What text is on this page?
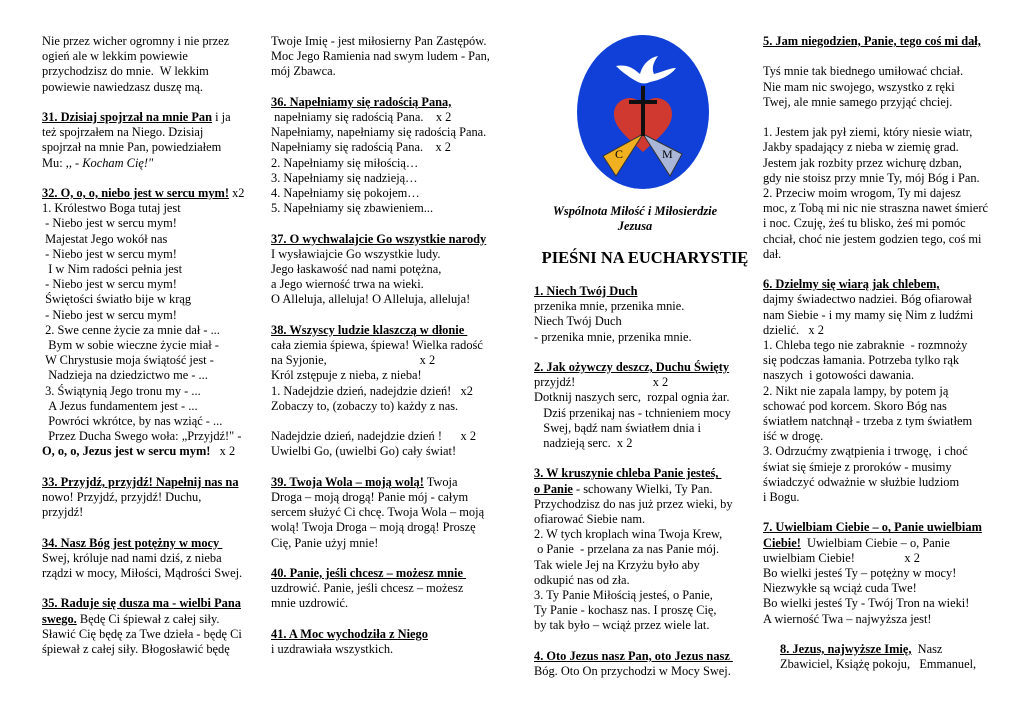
Nie przez wicher ogromny i nie przez

ogień ale w lekkim powiewie

przychodzisz do mnie.  W lekkim

powiewie nawiedzasz duszę mą.

31. Dzisiaj spojrzał na mnie Pan i ja

też spojrzałem na Niego. Dzisiaj

spojrzał na mnie Pan, powiedziałem

Mu: ,, - Kocham Cię!"

32. O, o, o, niebo jest w sercu mym! x2

1. Królestwo Boga tutaj jest

- Niebo jest w sercu mym!

Majestat Jego wokół nas

- Niebo jest w sercu mym!

I w Nim radości pełnia jest

- Niebo jest w sercu mym!

Świętości światło bije w krąg

- Niebo jest w sercu mym!

2. Swe cenne życie za mnie dał - ...

Bym w sobie wieczne życie miał -

W Chrystusie moja świątość jest -

Nadzieja na dziedzictwo me - ...

3. Świątynią Jego tronu my - ...

A Jezus fundamentem jest - ...

Powróci wkrótce, by nas wziąć - ...

Przez Ducha Swego woła: „Przyjdź!" -

O, o, o, Jezus jest w sercu mym!   x 2

33. Przyjdź, przyjdź! Napełnij nas na

nowo! Przyjdź, przyjdź! Duchu,

przyjdź!

34. Nasz Bóg jest potężny w mocy

Swej, króluje nad nami dziś, z nieba

rządzi w mocy, Miłości, Mądrości Swej.

35. Raduje się dusza ma - wielbi Pana

swego. Będę Ci śpiewał z całej siły.

Sławić Cię będę za Twe dzieła - będę Ci

śpiewał z całej siły. Błogosławić będę

Twoje Imię - jest miłosierny Pan Zastępów.

Moc Jego Ramienia nad swym ludem - Pan,

mój Zbawca.

36. Napełniamy się radością Pana,

napełniamy się radością Pana.    x 2

Napełniamy, napełniamy się radością Pana.

Napełniamy się radością Pana.    x 2

2. Napełniamy się miłością…

3. Napełniamy się nadzieją…

4. Napełniamy się pokojem…

5. Napełniamy się zbawieniem...

37. O wychwalajcie Go wszystkie narody

I wysławiajcie Go wszystkie ludy.

Jego łaskawość nad nami potężna,

a Jego wierność trwa na wieki.

O Alleluja, alleluja! O Alleluja, alleluja!

38. Wszyscy ludzie klaszczą w dłonie

cała ziemia śpiewa, śpiewa! Wielka radość

na Syjonie,                              x 2

Król zstępuje z nieba, z nieba!

1. Nadejdzie dzień, nadejdzie dzień!   x2

Zobaczy to, (zobaczy to) każdy z nas.

Nadejdzie dzień, nadejdzie dzień !      x 2

Uwielbi Go, (uwielbi Go) cały świat!

39. Twoja Wola – moją wolą! Twoja

Droga – moją drogą! Panie mój - całym

sercem służyć Ci chcę. Twoja Wola – moją

wolą! Twoja Droga – moją drogą! Proszę

Cię, Panie użyj mnie!

40. Panie, jeśli chcesz – możesz mnie

uzdrowić. Panie, jeśli chcesz – możesz

mnie uzdrowić.

41. A Moc wychodziła z Niego

i uzdrawiała wszystkich.

C	M

Wspólnota Miłość i Miłosierdzie

Jezusa

PIEŚNI NA EUCHARYSTIĘ

1. Niech Twój Duch

przenika mnie, przenika mnie.

Niech Twój Duch

- przenika mnie, przenika mnie.

2. Jak ożywczy deszcz, Duchu Święty

przyjdź!                         x 2

Dotknij naszych serc,  rozpal ognia żar.

Dziś przenikaj nas - tchnieniem mocy

Swej, bądź nam światłem dnia i

nadzieją serc.  x 2

3. W kruszynie chleba Panie jesteś,

o Panie - schowany Wielki, Ty Pan.

Przychodzisz do nas już przez wieki, by

ofiarować Siebie nam.

2. W tych kroplach wina Twoja Krew,

o Panie  - przelana za nas Panie mój.

Tak wiele Jej na Krzyżu było aby

odkupić nas od zła.

3. Ty Panie Miłością jesteś, o Panie,

Ty Panie - kochasz nas. I proszę Cię,

by tak było – wciąż przez wiele lat.

4. Oto Jezus nasz Pan, oto Jezus nasz

Bóg. Oto On przychodzi w Mocy Swej.

5. Jam niegodzien, Panie, tego coś mi dał,

Tyś mnie tak biednego umiłować chciał.

Nie mam nic swojego, wszystko z ręki

Twej, ale mnie samego przyjąć chciej.

1. Jestem jak pył ziemi, który niesie wiatr,

Jakby spadający z nieba w ziemię grad.

Jestem jak rozbity przez wichurę dzban,

gdy nie stoisz przy mnie Ty, mój Bóg i Pan.

2. Przeciw moim wrogom, Ty mi dajesz

moc, z Tobą mi nic nie straszna nawet śmierć

i noc. Czuję, żeś tu blisko, żeś mi pomóc

chciał, choć nie jestem godzien tego, coś mi

dał.

6. Dzielmy się wiarą jak chlebem,

dajmy świadectwo nadziei. Bóg ofiarował

nam Siebie - i my mamy się Nim z ludźmi

dzielić.   x 2

1. Chleba tego nie zabraknie  - rozmnoży

się podczas łamania. Potrzeba tylko rąk

naszych  i gotowości dawania.

2. Nikt nie zapala lampy, by potem ją

schować pod korcem. Skoro Bóg nas

światłem natchnął - trzeba z tym światłem

iść w drogę.

3. Odrzućmy zwątpienia i trwogę,  i choć

świat się śmieje z proroków - musimy

świadczyć odważnie w służbie ludziom

i Bogu.

7. Uwielbiam Ciebie – o, Panie uwielbiam

Ciebie!  Uwielbiam Ciebie – o, Panie

uwielbiam Ciebie!                x 2

Bo wielki jesteś Ty – potężny w mocy!

Niezwykłe są wciąż cuda Twe!

Bo wielki jesteś Ty - Twój Tron na wieki!

A wierność Twa – najwyższa jest!

8. Jezus, najwyższe Imię,  Nasz

Zbawiciel, Książę pokoju,   Emmanuel,
